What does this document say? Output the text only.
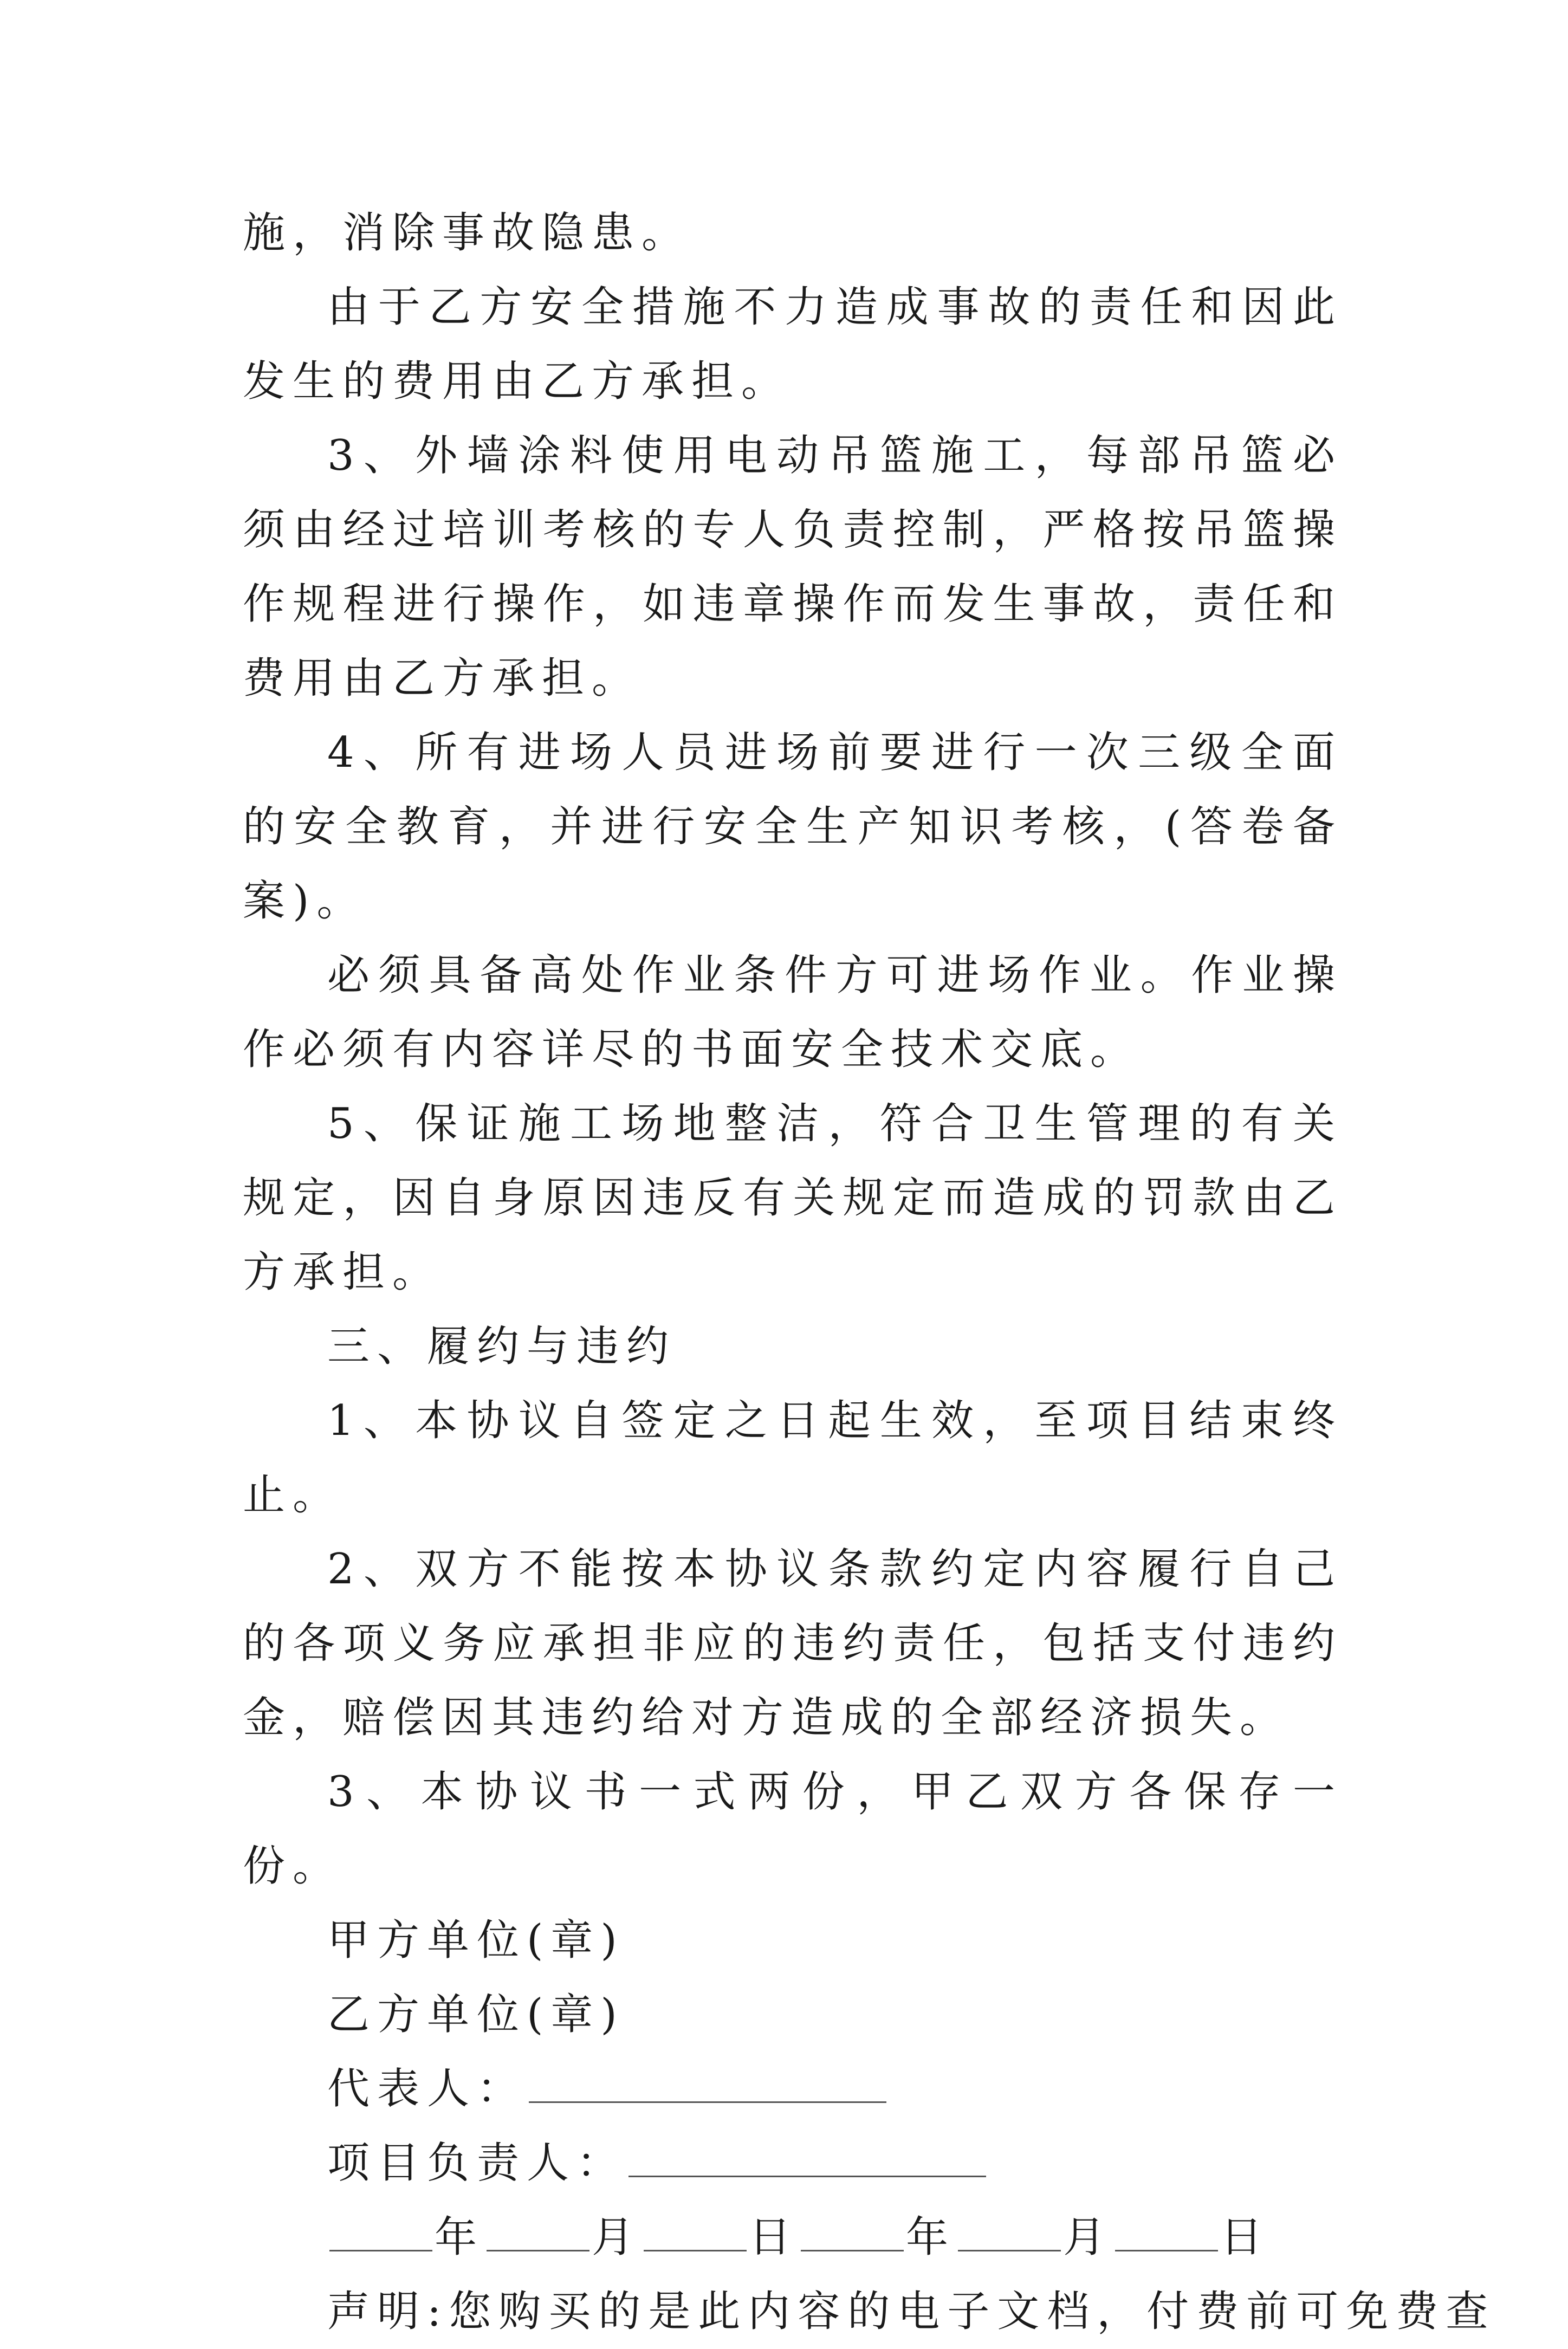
施，消除事故隐患。

由于乙方安全措施不力造成事故的责任和因此发生的费用由乙方承担。

3、外墙涂料使用电动吊篮施工，每部吊篮必须由经过培训考核的专人负责控制，严格按吊篮操作规程进行操作，如违章操作而发生事故，责任和费用由乙方承担。

4、所有进场人员进场前要进行一次三级全面的安全教育，并进行安全生产知识考核，(答卷备案)。

必须具备高处作业条件方可进场作业。作业操作必须有内容详尽的书面安全技术交底。

5、保证施工场地整洁，符合卫生管理的有关规定，因自身原因违反有关规定而造成的罚款由乙方承担。

三、履约与违约

1、本协议自签定之日起生效，至项目结束终止。

2、双方不能按本协议条款约定内容履行自己的各项义务应承担非应的违约责任，包括支付违约金，赔偿因其违约给对方造成的全部经济损失。

3、本协议书一式两份，甲乙双方各保存一份。

甲方单位(章)

乙方单位(章)

代表人：

项目负责人：

年	月	日	年	月	日

声明:您购买的是此内容的电子文档，付费前可免费查
